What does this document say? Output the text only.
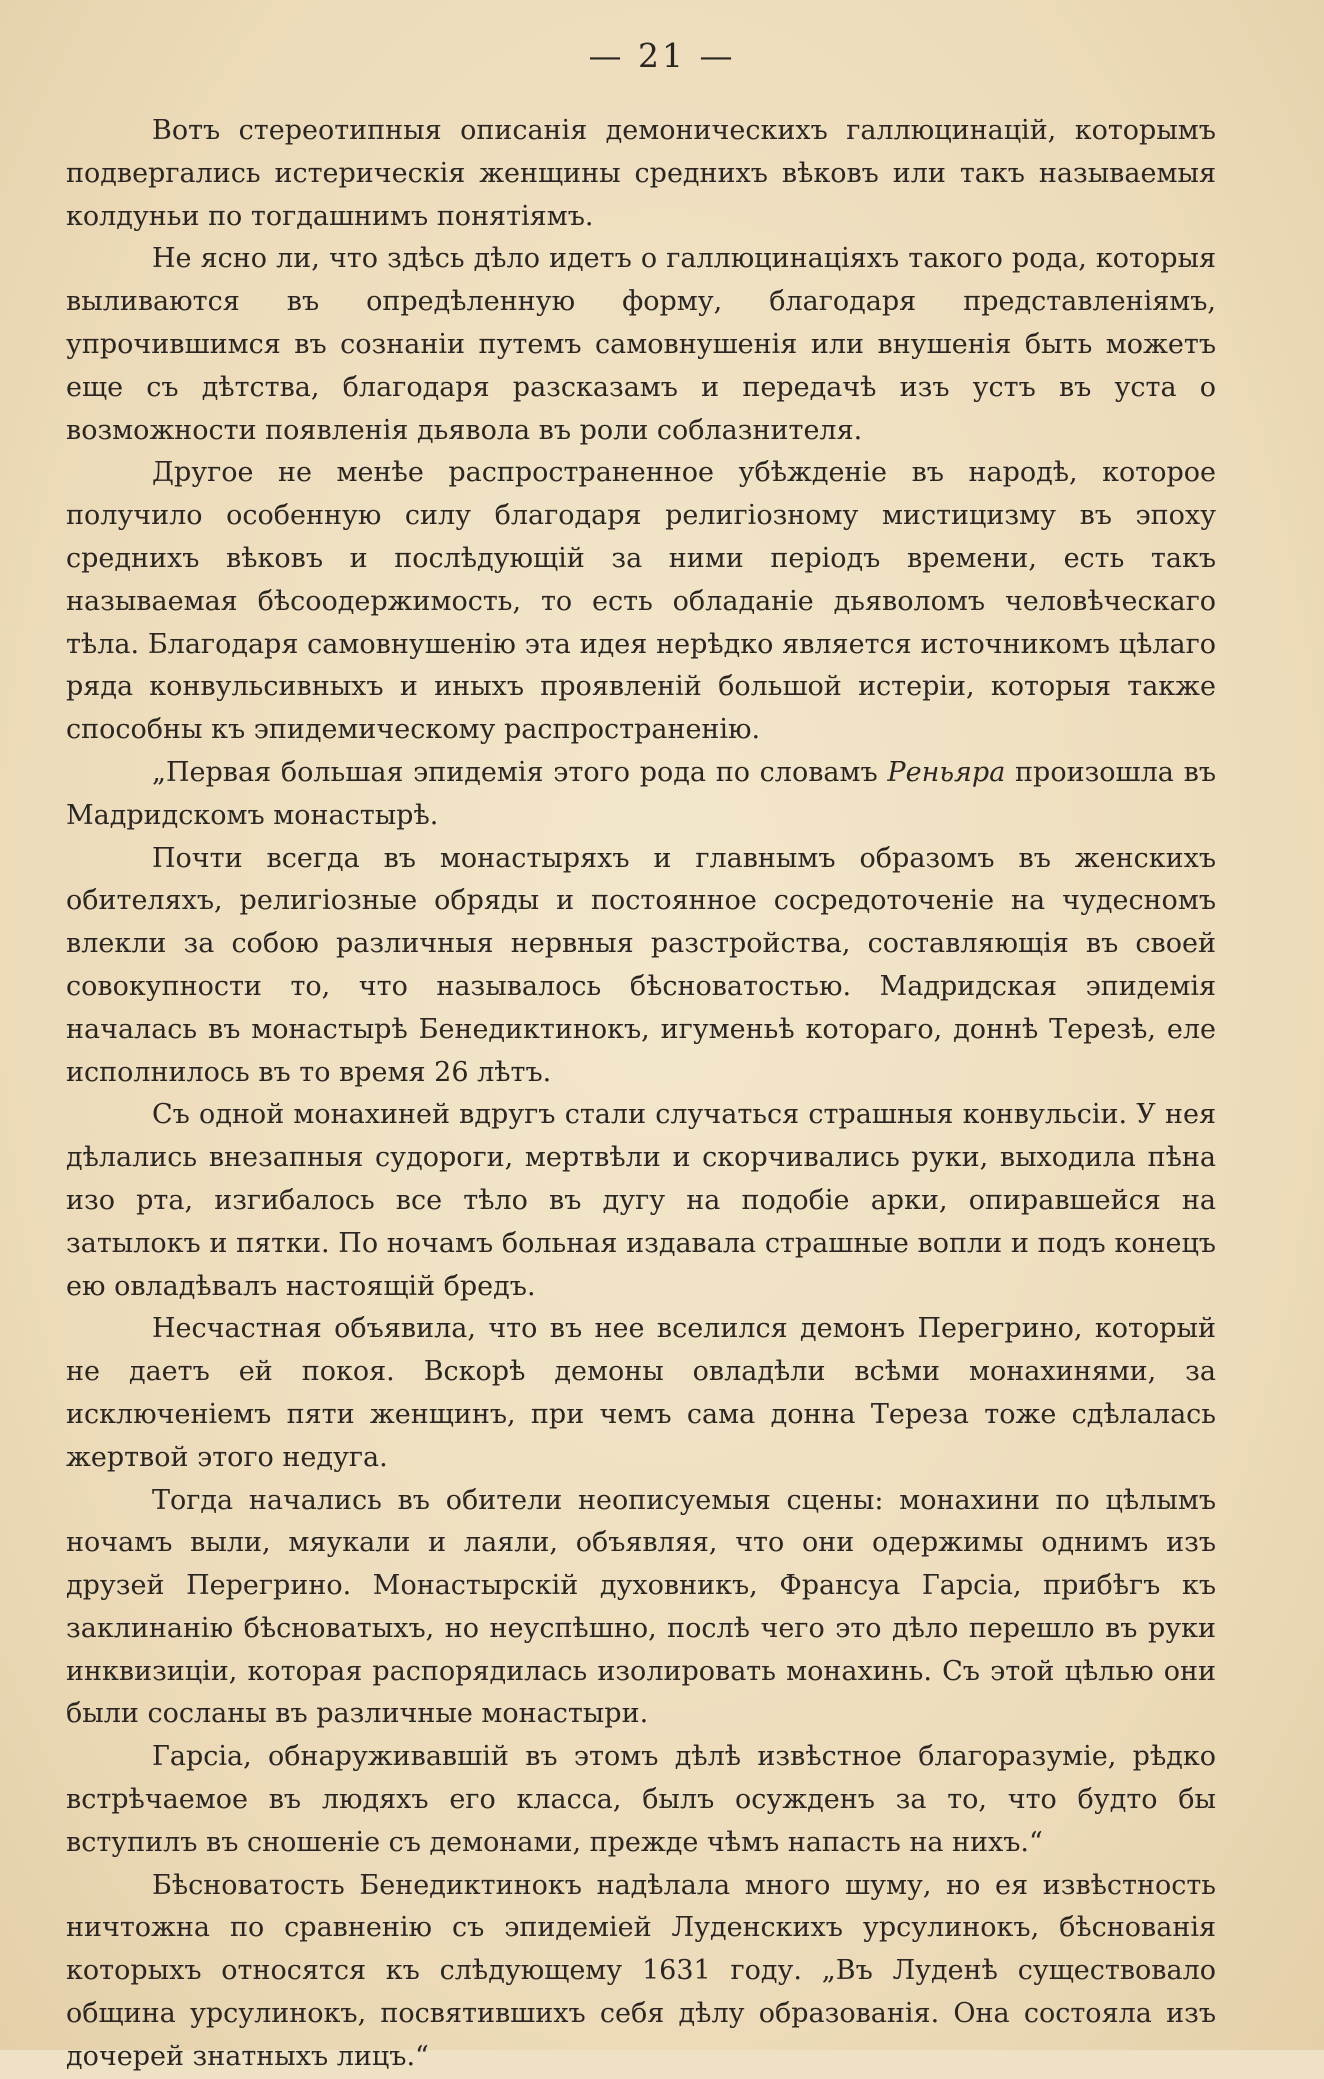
— 21 —

Вотъ стереотипныя описанія демоническихъ галлюцинацій, которымъ подвергались истерическія женщины среднихъ вѣковъ или такъ называемыя колдуньи по тогдашнимъ понятіямъ.

Не ясно ли, что здѣсь дѣло идетъ о галлюцинаціяхъ такого рода, которыя выливаются въ опредѣленную форму, благодаря представленіямъ, упрочившимся въ сознаніи путемъ самовнушенія или внушенія быть можетъ еще съ дѣтства, благодаря разсказамъ и передачѣ изъ устъ въ уста о возможности появленія дьявола въ роли соблазнителя.

Другое не менѣе распространенное убѣжденіе въ народѣ, которое получило особенную силу благодаря религіозному мистицизму въ эпоху среднихъ вѣковъ и послѣдующій за ними періодъ времени, есть такъ называемая бѣсоодержимость, то есть обладаніе дьяволомъ человѣческаго тѣла. Благодаря самовнушенію эта идея нерѣдко является источникомъ цѣлаго ряда конвульсивныхъ и иныхъ проявленій большой истеріи, которыя также способны къ эпидемическому распространенію.

„Первая большая эпидемія этого рода по словамъ Реньяра произошла въ Мадридскомъ монастырѣ.

Почти всегда въ монастыряхъ и главнымъ образомъ въ женскихъ обителяхъ, религіозные обряды и постоянное сосредоточеніе на чудесномъ влекли за собою различныя нервныя разстройства, составляющія въ своей совокупности то, что называлось бѣсноватостью. Мадридская эпидемія началась въ монастырѣ Бенедиктинокъ, игуменьѣ котораго, доннѣ Терезѣ, еле исполнилось въ то время 26 лѣтъ.

Съ одной монахиней вдругъ стали случаться страшныя конвульсіи. У нея дѣлались внезапныя судороги, мертвѣли и скорчивались руки, выходила пѣна изо рта, изгибалось все тѣло въ дугу на подобіе арки, опиравшейся на затылокъ и пятки. По ночамъ больная издавала страшные вопли и подъ конецъ ею овладѣвалъ настоящій бредъ.

Несчастная объявила, что въ нее вселился демонъ Перегрино, который не даетъ ей покоя. Вскорѣ демоны овладѣли всѣми монахинями, за исключеніемъ пяти женщинъ, при чемъ сама донна Тереза тоже сдѣлалась жертвой этого недуга.

Тогда начались въ обители неописуемыя сцены: монахини по цѣлымъ ночамъ выли, мяукали и лаяли, объявляя, что они одержимы однимъ изъ друзей Перегрино. Монастырскій духовникъ, Франсуа Гарсіа, прибѣгъ къ заклинанію бѣсноватыхъ, но неуспѣшно, послѣ чего это дѣло перешло въ руки инквизиціи, которая распорядилась изолировать монахинь. Съ этой цѣлью они были сосланы въ различные монастыри.

Гарсіа, обнаруживавшій въ этомъ дѣлѣ извѣстное благоразуміе, рѣдко встрѣчаемое въ людяхъ его класса, былъ осужденъ за то, что будто бы вступилъ въ сношеніе съ демонами, прежде чѣмъ напасть на нихъ.“

Бѣсноватость Бенедиктинокъ надѣлала много шуму, но ея извѣстность ничтожна по сравненію съ эпидеміей Луденскихъ урсулинокъ, бѣснованія которыхъ относятся къ слѣдующему 1631 году. „Въ Луденѣ существовало община урсулинокъ, посвятившихъ себя дѣлу образованія. Она состояла изъ дочерей знатныхъ лицъ.“
